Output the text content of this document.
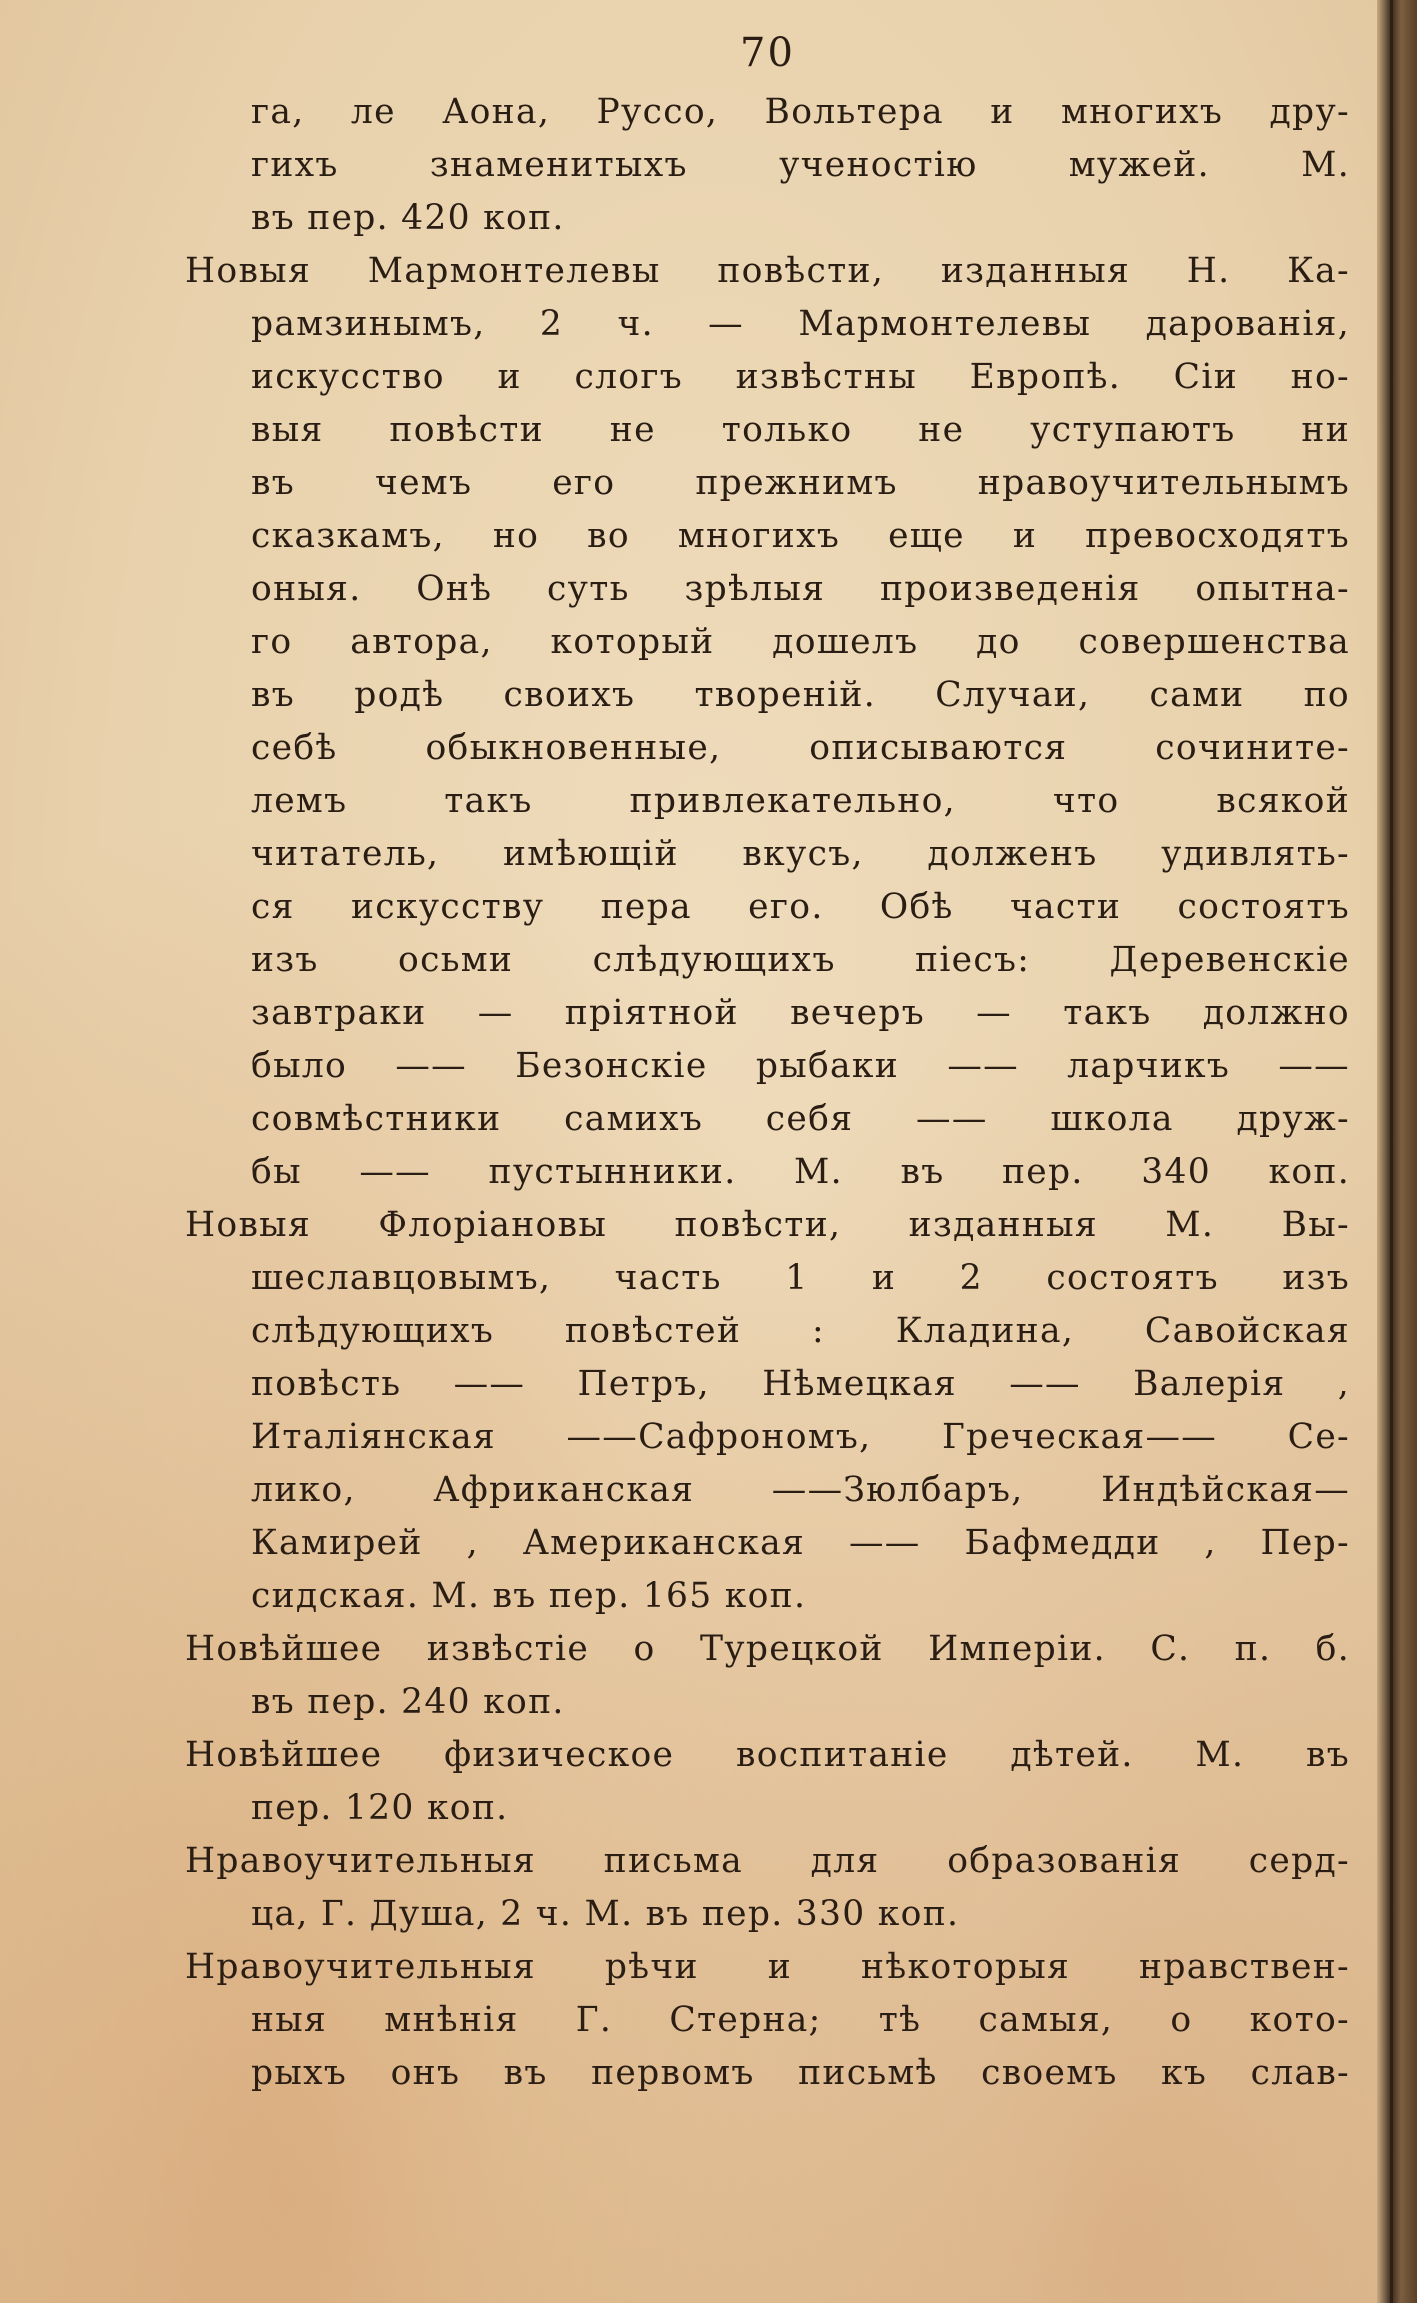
70
га, ле Аона, Руссо, Вольтера и многихъ дру-
гихъ знаменитыхъ ученостію мужей. М.
въ пер. 420 коп.
Новыя Мармонтелевы повѣсти, изданныя Н. Ка-
рамзинымъ, 2 ч. — Мармонтелевы дарованія,
искусство и слогъ извѣстны Европѣ. Сіи но-
выя повѣсти не только не уступаютъ ни
въ чемъ его прежнимъ нравоучительнымъ
сказкамъ, но во многихъ еще и превосходятъ
оныя. Онѣ суть зрѣлыя произведенія опытна-
го автора, который дошелъ до совершенства
въ родѣ своихъ твореній. Случаи, сами по
себѣ обыкновенные, описываются сочините-
лемъ такъ привлекательно, что всякой
читатель, имѣющій вкусъ, долженъ удивлять-
ся искусству пера его. Обѣ части состоятъ
изъ осьми слѣдующихъ піесъ: Деревенскіе
завтраки — пріятной вечеръ — такъ должно
было —— Безонскіе рыбаки —— ларчикъ ——
совмѣстники самихъ себя —— школа друж-
бы —— пустынники. М. въ пер. 340 коп.
Новыя Флоріановы повѣсти, изданныя М. Вы-
шеславцовымъ, часть 1 и 2 состоятъ изъ
слѣдующихъ повѣстей : Кладина, Савойская
повѣсть —— Петръ, Нѣмецкая —— Валерія ,
Италіянская ——Сафрономъ, Греческая—— Се-
лико, Африканская ——Зюлбаръ, Индѣйская—
Камирей , Американская —— Бафмедди , Пер-
сидская. М. въ пер. 165 коп.
Новѣйшее извѣстіе о Турецкой Имперіи. С. п. б.
въ пер. 240 коп.
Новѣйшее физическое воспитаніе дѣтей. М. въ
пер. 120 коп.
Нравоучительныя письма для образованія серд-
ца, Г. Душа, 2 ч. М. въ пер. 330 коп.
Нравоучительныя рѣчи и нѣкоторыя нравствен-
ныя мнѣнія Г. Стерна; тѣ самыя, о кото-
рыхъ онъ въ первомъ письмѣ своемъ къ слав-
